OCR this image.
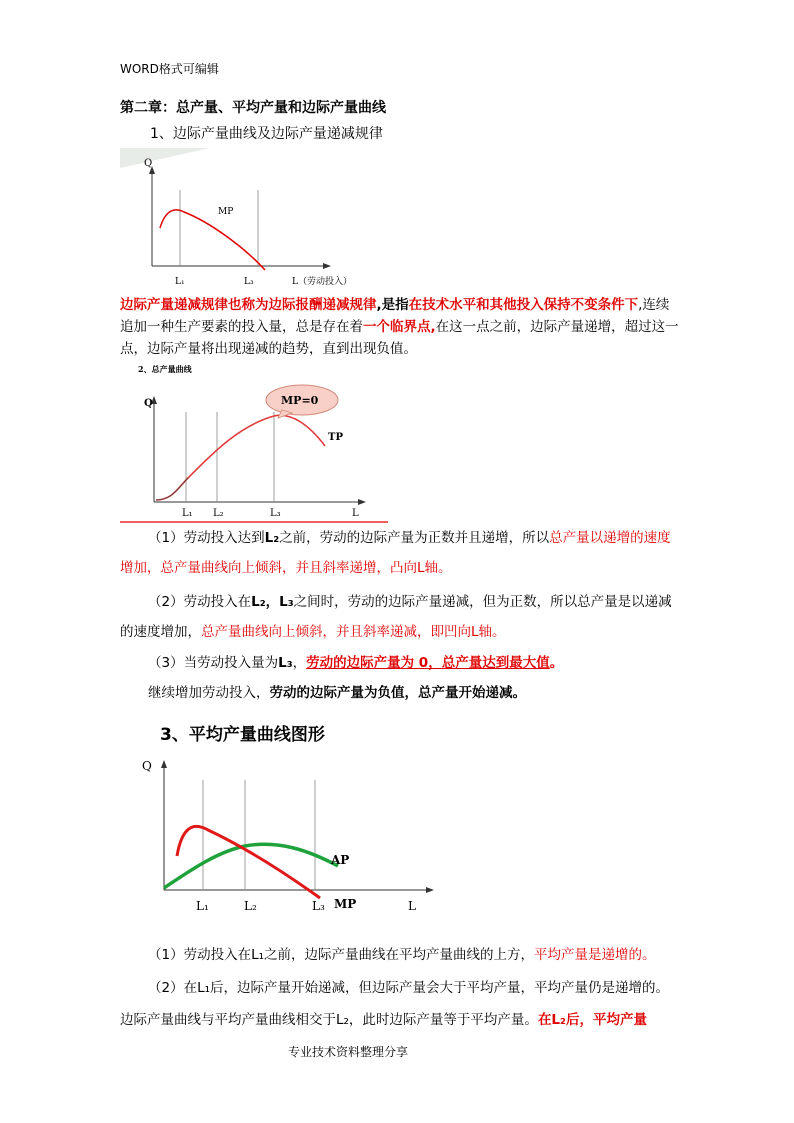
WORD格式可编辑
第二章：总产量、平均产量和边际产量曲线
1、边际产量曲线及边际产量递减规律
Q
MP
L₁	L₃	L（劳动投入）
边际产量递减规律也称为边际报酬递减规律,是指在技术水平和其他投入保持不变条件下,连续追加一种生产要素的投入量，总是存在着一个临界点,在这一点之前，边际产量递增，超过这一点，边际产量将出现递减的趋势，直到出现负值。
2、总产量曲线
MP=0
TP
Q
L₁ L₂	L₃	L
（1）劳动投入达到L₂之前，劳动的边际产量为正数并且递增，所以总产量以递增的速度增加，总产量曲线向上倾斜，并且斜率递增，凸向L轴。
（2）劳动投入在L₂，L₃之间时，劳动的边际产量递减，但为正数，所以总产量是以递减的速度增加，总产量曲线向上倾斜，并且斜率递减，即凹向L轴。
（3）当劳动投入量为L₃，劳动的边际产量为 0，总产量达到最大值。
继续增加劳动投入，劳动的边际产量为负值，总产量开始递减。
3、平均产量曲线图形
Q
AP
MP
L₁	L₂	L₃	L
（1）劳动投入在L₁之前，边际产量曲线在平均产量曲线的上方，平均产量是递增的。
（2）在L₁后，边际产量开始递减，但边际产量会大于平均产量，平均产量仍是递增的。边际产量曲线与平均产量曲线相交于L₂，此时边际产量等于平均产量。在L₂后，平均产量
专业技术资料整理分享
